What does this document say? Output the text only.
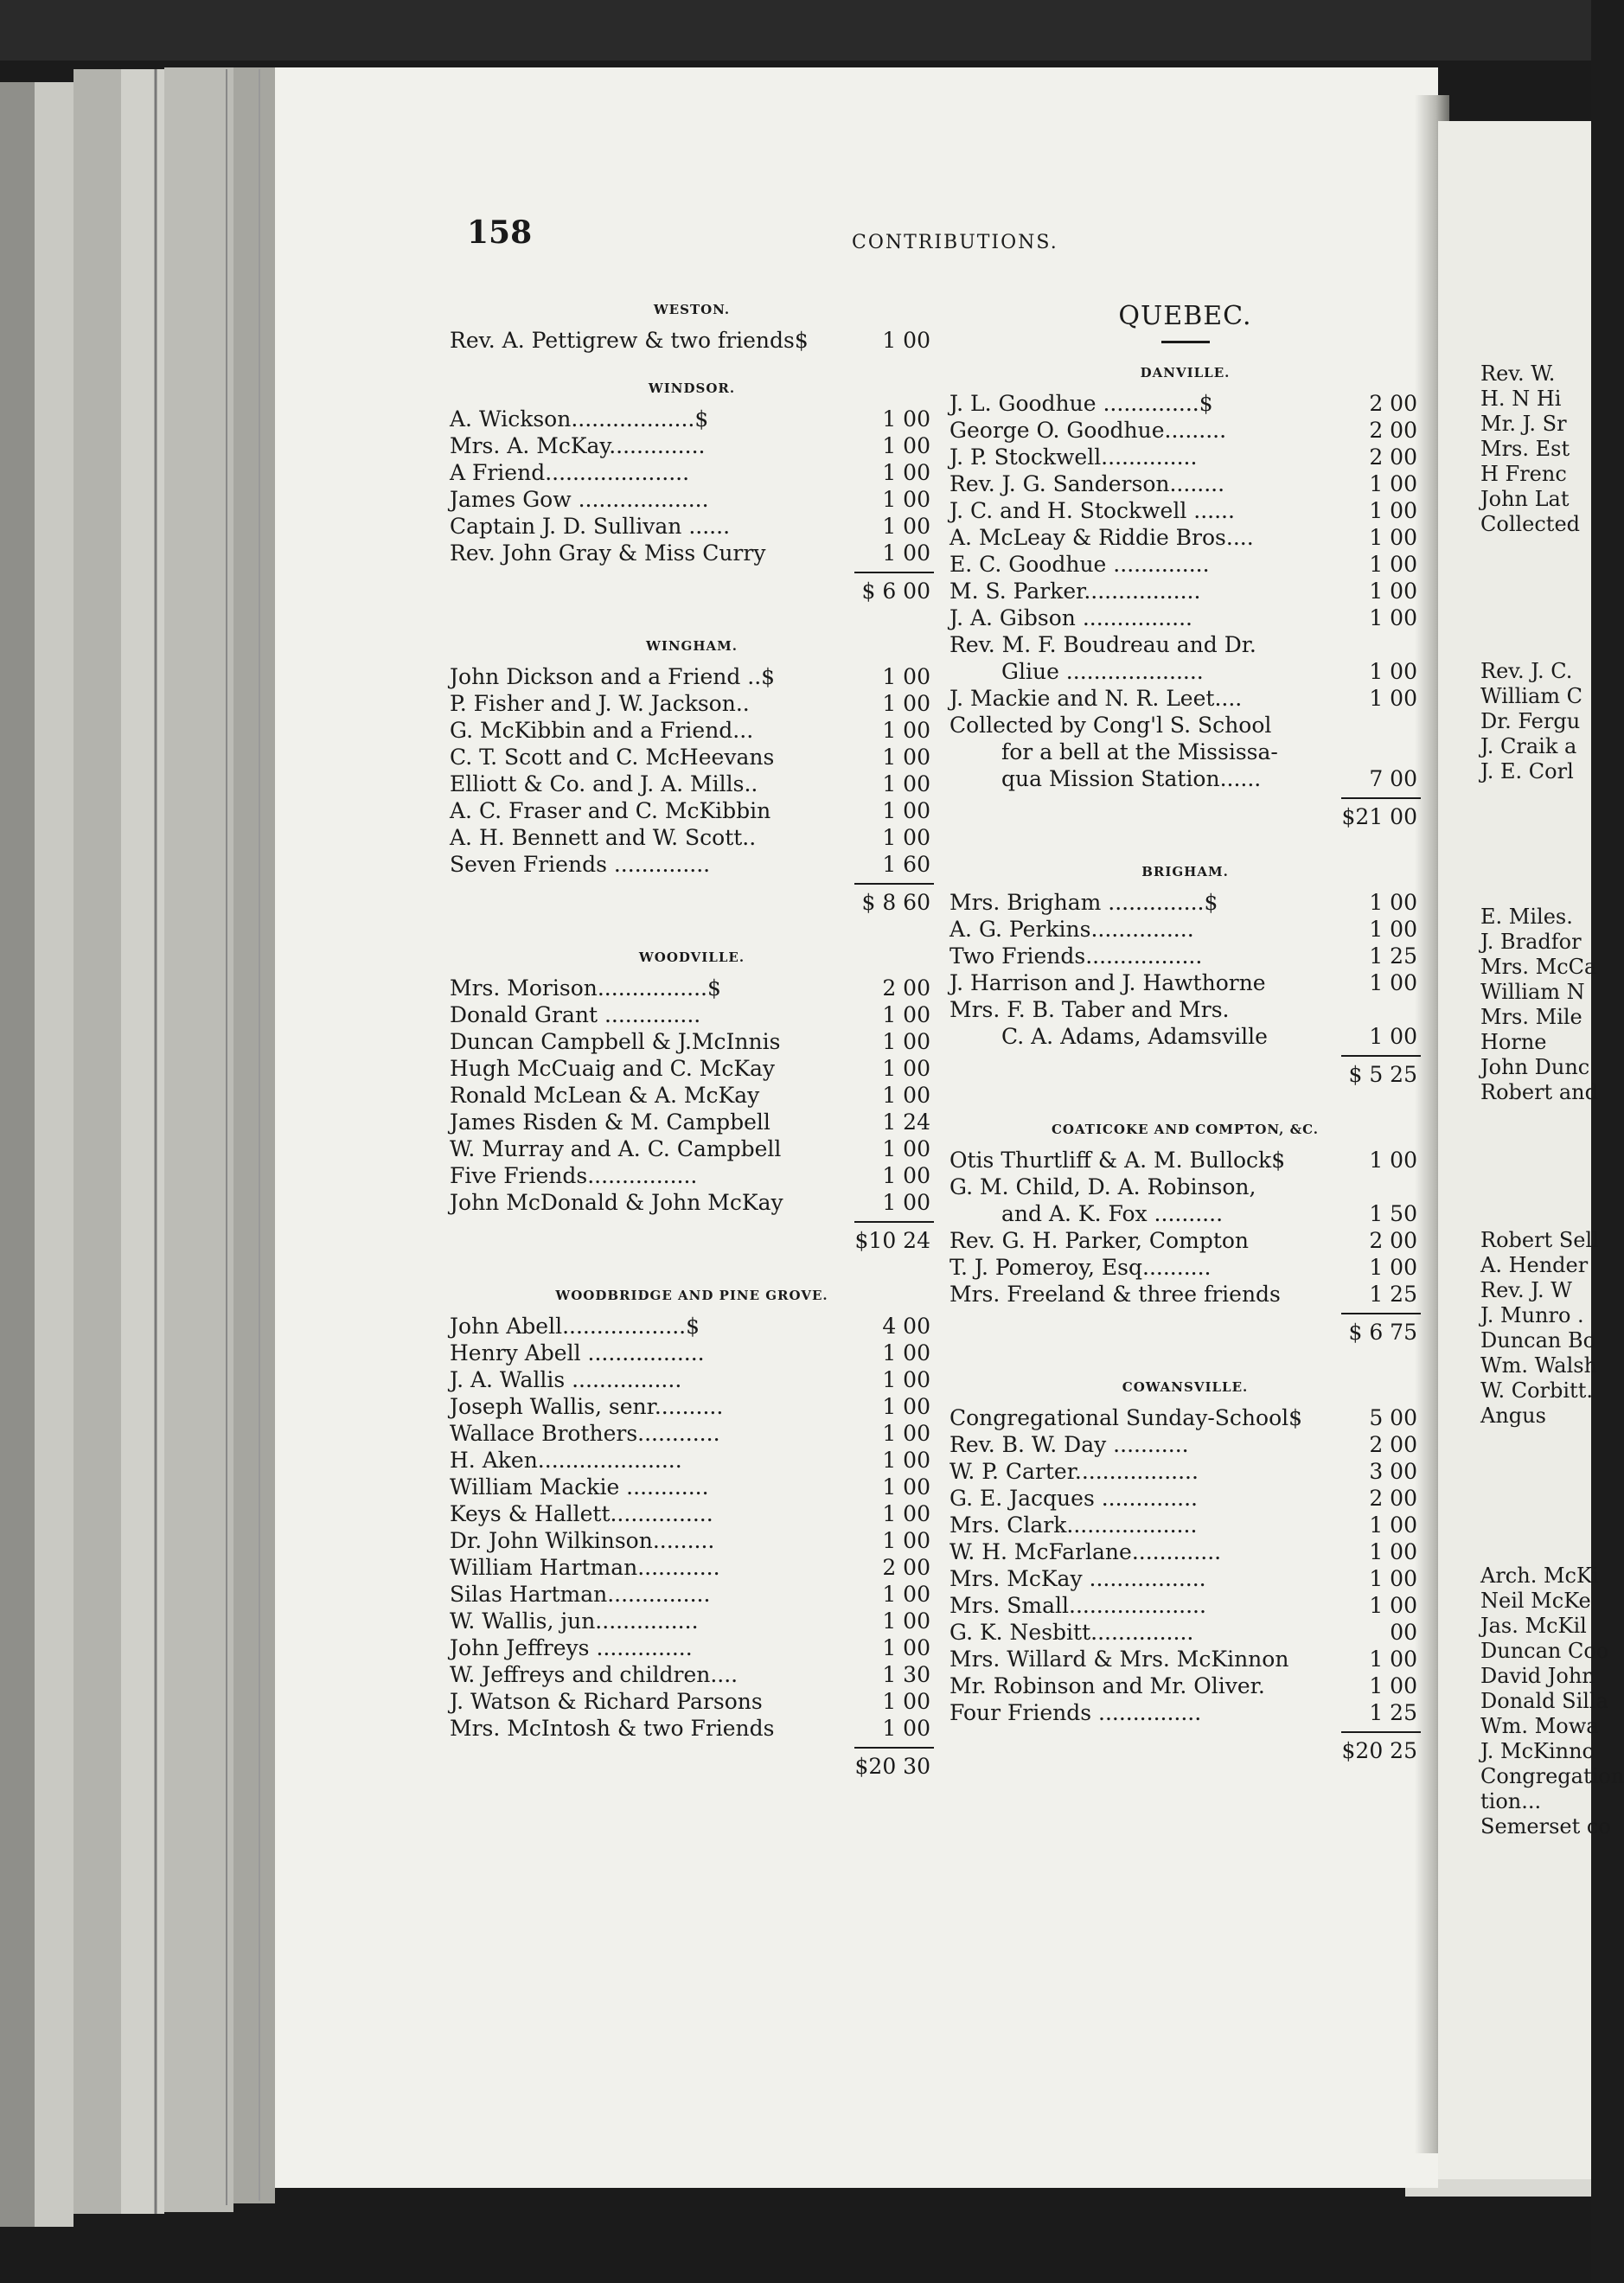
158	CONTRIBUTIONS.
WESTON.
Rev. A. Pettigrew & two friends$	1 00
WINDSOR.
A. Wickson..................$	1 00
Mrs. A. McKay..............	1 00
A Friend.....................	1 00
James Gow ...................	1 00
Captain J. D. Sullivan ......	1 00
Rev. John Gray & Miss Curry	1 00
$ 6 00
WINGHAM.
John Dickson and a Friend ..$	1 00
P. Fisher and J. W. Jackson..	1 00
G. McKibbin and a Friend...	1 00
C. T. Scott and C. McHeevans	1 00
Elliott & Co. and J. A. Mills..	1 00
A. C. Fraser and C. McKibbin	1 00
A. H. Bennett and W. Scott..	1 00
Seven Friends ..............	1 60
$ 8 60
WOODVILLE.
Mrs. Morison................$	2 00
Donald Grant ..............	1 00
Duncan Campbell & J.McInnis	1 00
Hugh McCuaig and C. McKay	1 00
Ronald McLean & A. McKay	1 00
James Risden & M. Campbell	1 24
W. Murray and A. C. Campbell	1 00
Five Friends................	1 00
John McDonald & John McKay	1 00
$10 24
WOODBRIDGE AND PINE GROVE.
John Abell..................$	4 00
Henry Abell .................	1 00
J. A. Wallis ................	1 00
Joseph Wallis, senr..........	1 00
Wallace Brothers............	1 00
H. Aken.....................	1 00
William Mackie ............	1 00
Keys & Hallett...............	1 00
Dr. John Wilkinson.........	1 00
William Hartman............	2 00
Silas Hartman...............	1 00
W. Wallis, jun...............	1 00
John Jeffreys ..............	1 00
W. Jeffreys and children....	1 30
J. Watson & Richard Parsons	1 00
Mrs. McIntosh & two Friends	1 00
$20 30
QUEBEC.
DANVILLE.
J. L. Goodhue ..............$	2 00
George O. Goodhue.........	2 00
J. P. Stockwell..............	2 00
Rev. J. G. Sanderson........	1 00
J. C. and H. Stockwell ......	1 00
A. McLeay & Riddie Bros....	1 00
E. C. Goodhue ..............	1 00
M. S. Parker.................	1 00
J. A. Gibson ................	1 00
Rev. M. F. Boudreau and Dr.
Gliue ....................	1 00
J. Mackie and N. R. Leet....	1 00
Collected by Cong'l S. School
for a bell at the Mississa-
qua Mission Station......	7 00
$21 00
BRIGHAM.
Mrs. Brigham ..............$	1 00
A. G. Perkins...............	1 00
Two Friends.................	1 25
J. Harrison and J. Hawthorne	1 00
Mrs. F. B. Taber and Mrs.
C. A. Adams, Adamsville	1 00
$ 5 25
COATICOKE AND COMPTON, &C.
Otis Thurtliff & A. M. Bullock$	1 00
G. M. Child, D. A. Robinson,
and A. K. Fox ..........	1 50
Rev. G. H. Parker, Compton	2 00
T. J. Pomeroy, Esq..........	1 00
Mrs. Freeland & three friends	1 25
$ 6 75
COWANSVILLE.
Congregational Sunday-School$	5 00
Rev. B. W. Day ...........	2 00
W. P. Carter..................	3 00
G. E. Jacques ..............	2 00
Mrs. Clark...................	1 00
W. H. McFarlane.............	1 00
Mrs. McKay .................	1 00
Mrs. Small....................	1 00
G. K. Nesbitt...............	00
Mrs. Willard & Mrs. McKinnon	1 00
Mr. Robinson and Mr. Oliver.	1 00
Four Friends ...............	1 25
$20 25
Rev. W.
H. N Hi
Mr. J. Sr
Mrs. Est
H Frenc
John Lat
Collected
Rev. J. C.
William C
Dr. Fergu
J. Craik a
J. E. Corl
E. Miles.
J. Bradfor
Mrs. McCa
William N
Mrs. Mile
Horne
John Dunc
Robert and
Robert Sell
A. Hender
Rev. J. W
J. Munro .
Duncan Bo
Wm. Walsh
W. Corbitt.
Angus
Arch. McKi
Neil McKe
Jas. McKil
Duncan Coo
David John
Donald Silla
Wm. Mowa
J. McKinno
Congregation
tion...
Semerset co
